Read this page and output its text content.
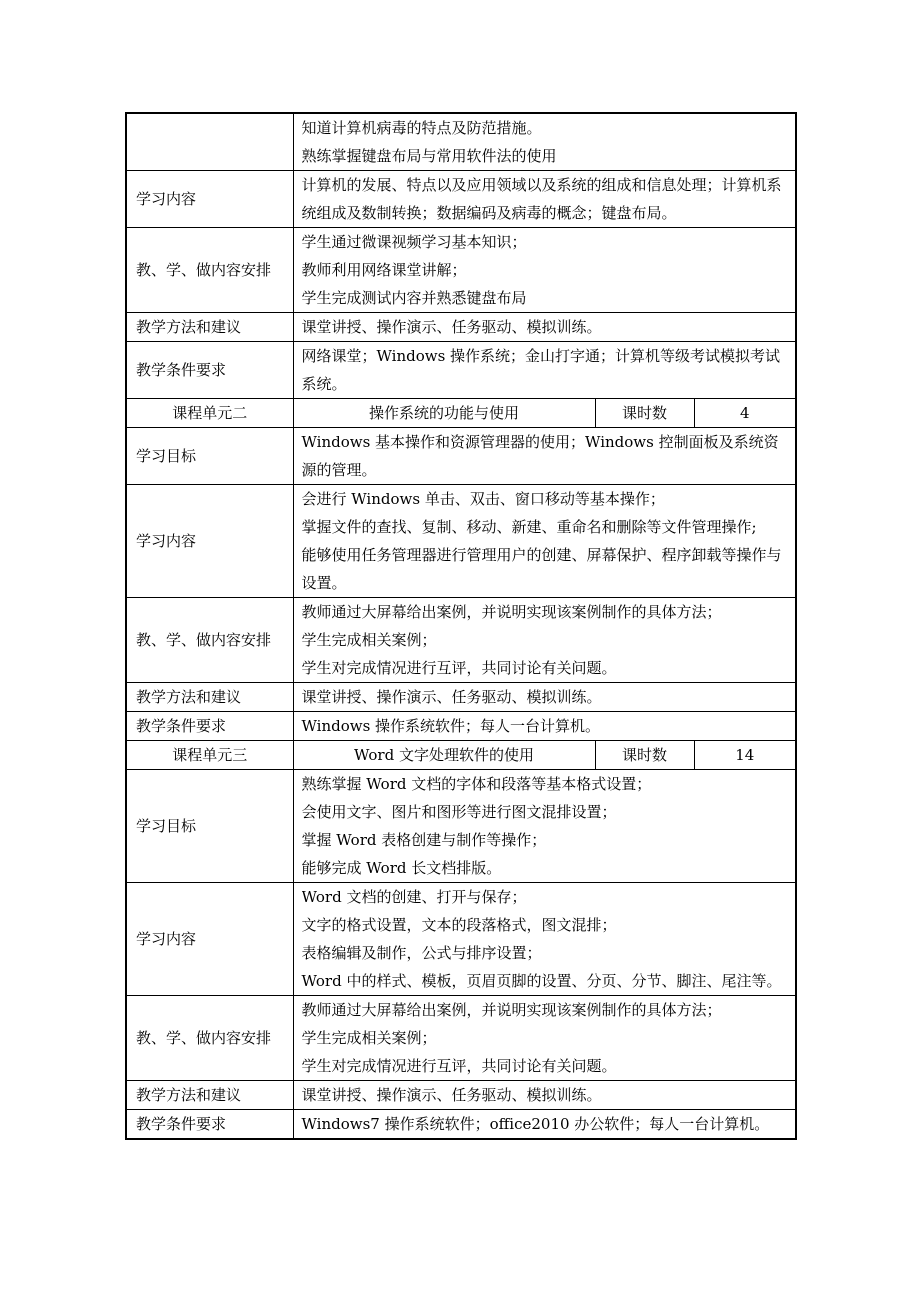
	知道计算机病毒的特点及防范措施。
熟练掌握键盘布局与常用软件法的使用		

学习内容	计算机的发展、特点以及应用领域以及系统的组成和信息处理；计算机系统组成及数制转换；数据编码及病毒的概念；键盘布局。		

教、学、做内容安排	学生通过微课视频学习基本知识；
教师利用网络课堂讲解；
学生完成测试内容并熟悉键盘布局		

教学方法和建议	课堂讲授、操作演示、任务驱动、模拟训练。		
教学条件要求	网络课堂；Windows 操作系统；金山打字通；计算机等级考试模拟考试系统。		

课程单元二	操作系统的功能与使用	课时数	4
学习目标	Windows 基本操作和资源管理器的使用；Windows 控制面板及系统资源的管理。		

学习内容	会进行 Windows 单击、双击、窗口移动等基本操作；
掌握文件的查找、复制、移动、新建、重命名和删除等文件管理操作;
能够使用任务管理器进行管理用户的创建、屏幕保护、程序卸载等操作与设置。		

教、学、做内容安排	教师通过大屏幕给出案例，并说明实现该案例制作的具体方法；
学生完成相关案例；
学生对完成情况进行互评，共同讨论有关问题。		

教学方法和建议	课堂讲授、操作演示、任务驱动、模拟训练。		
教学条件要求	Windows 操作系统软件；每人一台计算机。		
课程单元三	Word 文字处理软件的使用	课时数	14
学习目标	熟练掌握 Word 文档的字体和段落等基本格式设置；
会使用文字、图片和图形等进行图文混排设置；
掌握 Word 表格创建与制作等操作；
能够完成 Word 长文档排版。		

学习内容	Word 文档的创建、打开与保存；
文字的格式设置，文本的段落格式，图文混排；
表格编辑及制作，公式与排序设置；
Word 中的样式、模板，页眉页脚的设置、分页、分节、脚注、尾注等。		

教、学、做内容安排	教师通过大屏幕给出案例，并说明实现该案例制作的具体方法；
学生完成相关案例；
学生对完成情况进行互评，共同讨论有关问题。		

教学方法和建议	课堂讲授、操作演示、任务驱动、模拟训练。		
教学条件要求	Windows7 操作系统软件；office2010 办公软件；每人一台计算机。		
